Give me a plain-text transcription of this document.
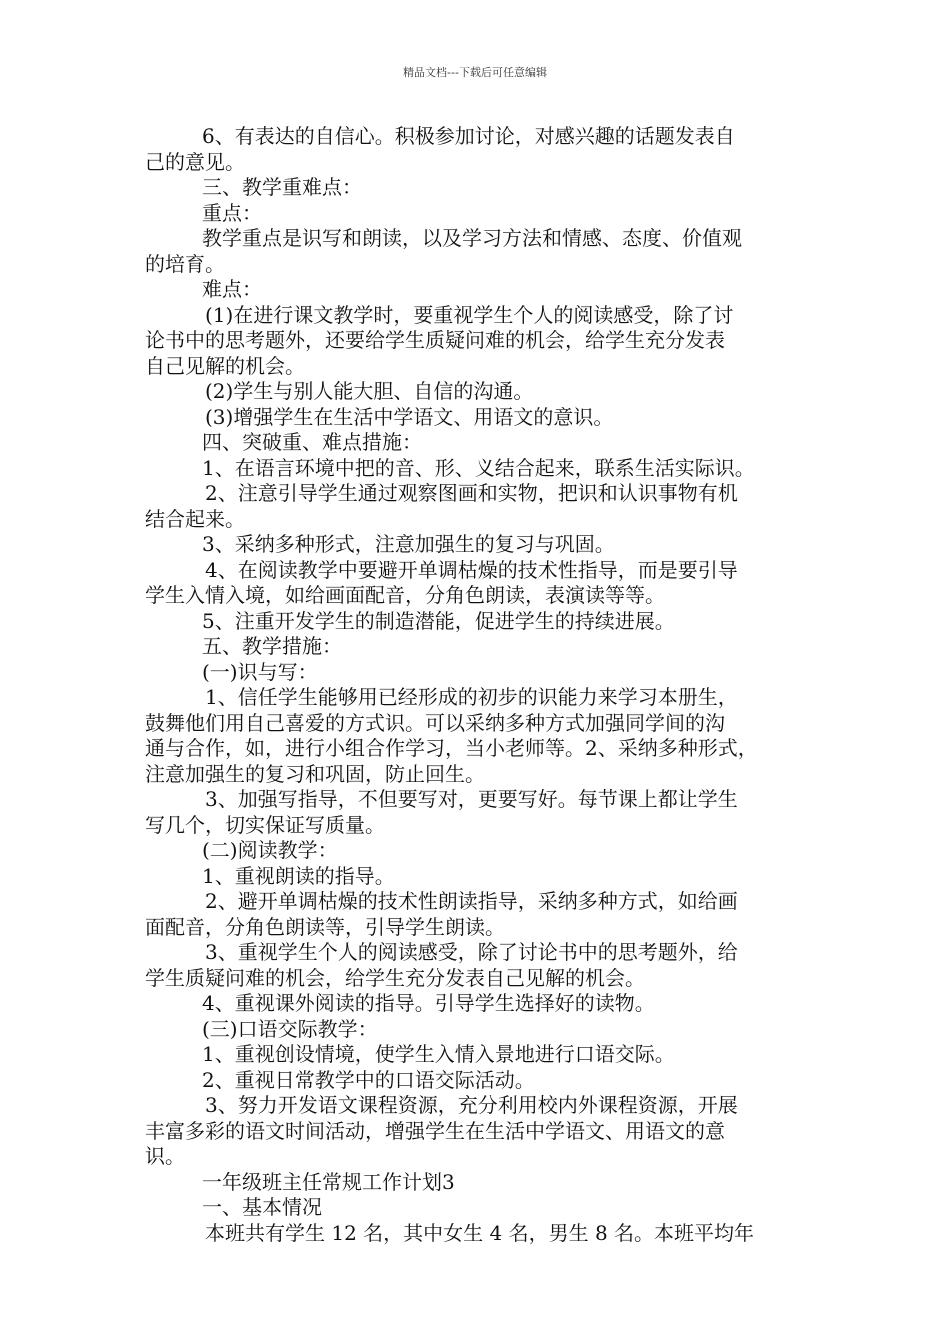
精品文档---下载后可任意编辑
6、有表达的自信心。积极参加讨论，对感兴趣的话题发表自
己的意见。
三、教学重难点：
重点：
教学重点是识写和朗读，以及学习方法和情感、态度、价值观
的培育。
难点：
(1)在进行课文教学时，要重视学生个人的阅读感受，除了讨
论书中的思考题外，还要给学生质疑问难的机会，给学生充分发表
自己见解的机会。
(2)学生与别人能大胆、自信的沟通。
(3)增强学生在生活中学语文、用语文的意识。
四、突破重、难点措施：
1、在语言环境中把的音、形、义结合起来，联系生活实际识。
2、注意引导学生通过观察图画和实物，把识和认识事物有机
结合起来。
3、采纳多种形式，注意加强生的复习与巩固。
4、在阅读教学中要避开单调枯燥的技术性指导，而是要引导
学生入情入境，如给画面配音，分角色朗读，表演读等等。
5、注重开发学生的制造潜能，促进学生的持续进展。
五、教学措施：
(一)识与写：
1、信任学生能够用已经形成的初步的识能力来学习本册生，
鼓舞他们用自己喜爱的方式识。可以采纳多种方式加强同学间的沟
通与合作，如，进行小组合作学习，当小老师等。2、采纳多种形式，
注意加强生的复习和巩固，防止回生。
3、加强写指导，不但要写对，更要写好。每节课上都让学生
写几个，切实保证写质量。
(二)阅读教学：
1、重视朗读的指导。
2、避开单调枯燥的技术性朗读指导，采纳多种方式，如给画
面配音，分角色朗读等，引导学生朗读。
3、重视学生个人的阅读感受，除了讨论书中的思考题外，给
学生质疑问难的机会，给学生充分发表自己见解的机会。
4、重视课外阅读的指导。引导学生选择好的读物。
(三)口语交际教学：
1、重视创设情境，使学生入情入景地进行口语交际。
2、重视日常教学中的口语交际活动。
3、努力开发语文课程资源，充分利用校内外课程资源，开展
丰富多彩的语文时间活动，增强学生在生活中学语文、用语文的意
识。
一年级班主任常规工作计划3
一、基本情况
本班共有学生 12 名，其中女生 4 名，男生 8 名。本班平均年
